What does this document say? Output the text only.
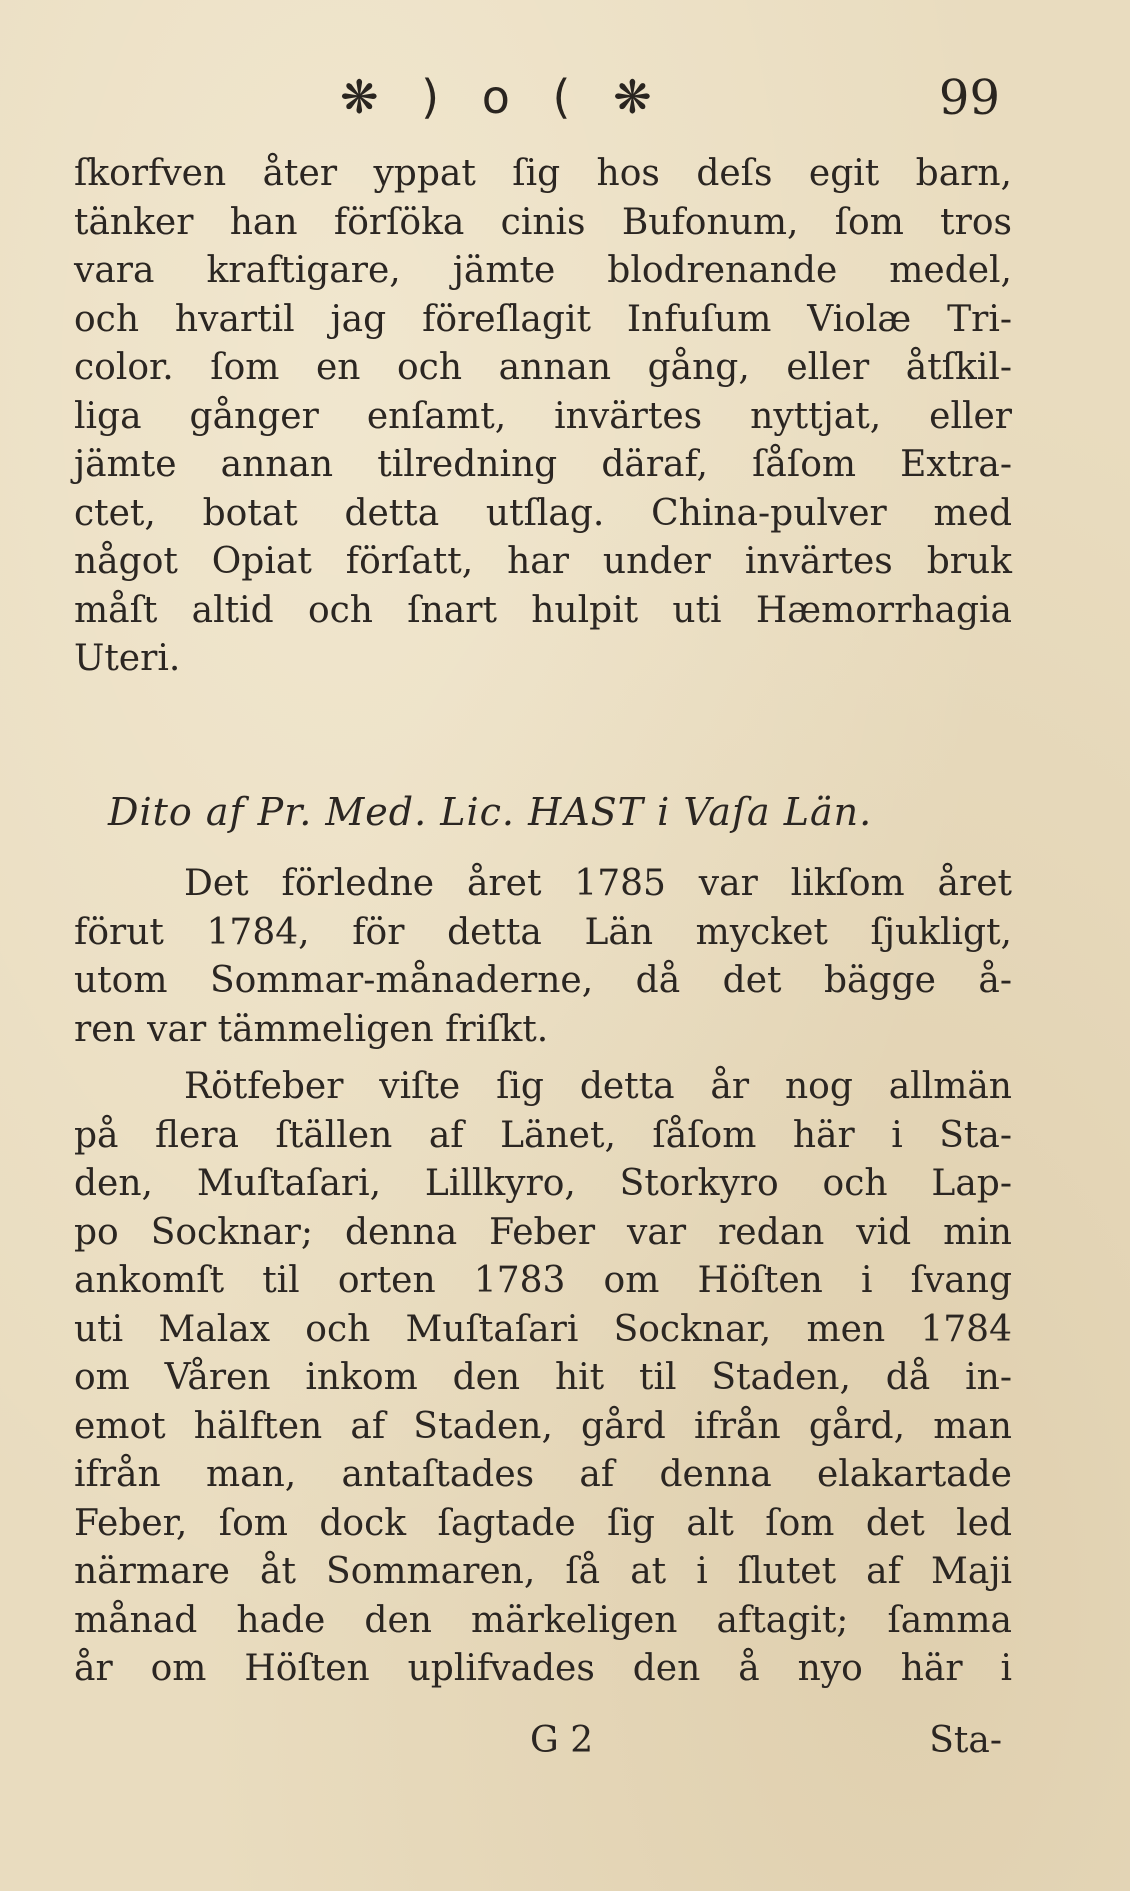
❋ ) o ( ❋	99
ſkorfven åter yppat ſig hos deſs egit barn,
tänker han förſöka cinis Bufonum, ſom tros
vara kraftigare, jämte blodrenande medel,
och hvartil jag föreſlagit Infuſum Violæ Tri-
color. ſom en och annan gång, eller åtſkil-
liga gånger enſamt, invärtes nyttjat, eller
jämte annan tilredning däraf, ſåſom Extra-
ctet, botat detta utſlag. China-pulver med
något Opiat förſatt, har under invärtes bruk
måſt altid och ſnart hulpit uti Hæmorrhagia
Uteri.
Dito af Pr. Med. Lic. HAST i Vaſa Län.
Det förledne året 1785 var likſom året
förut 1784, för detta Län mycket ſjukligt,
utom Sommar-månaderne, då det bägge å-
ren var tämmeligen friſkt.
Rötfeber viſte ſig detta år nog allmän
på flera ſtällen af Länet, ſåſom här i Sta-
den, Muſtaſari, Lillkyro, Storkyro och Lap-
po Socknar; denna Feber var redan vid min
ankomſt til orten 1783 om Höſten i ſvang
uti Malax och Muſtaſari Socknar, men 1784
om Våren inkom den hit til Staden, då in-
emot hälften af Staden, gård ifrån gård, man
ifrån man, antaſtades af denna elakartade
Feber, ſom dock ſagtade ſig alt ſom det led
närmare åt Sommaren, ſå at i ſlutet af Maji
månad hade den märkeligen aftagit; ſamma
år om Höſten uplifvades den å nyo här i
G 2	Sta-
